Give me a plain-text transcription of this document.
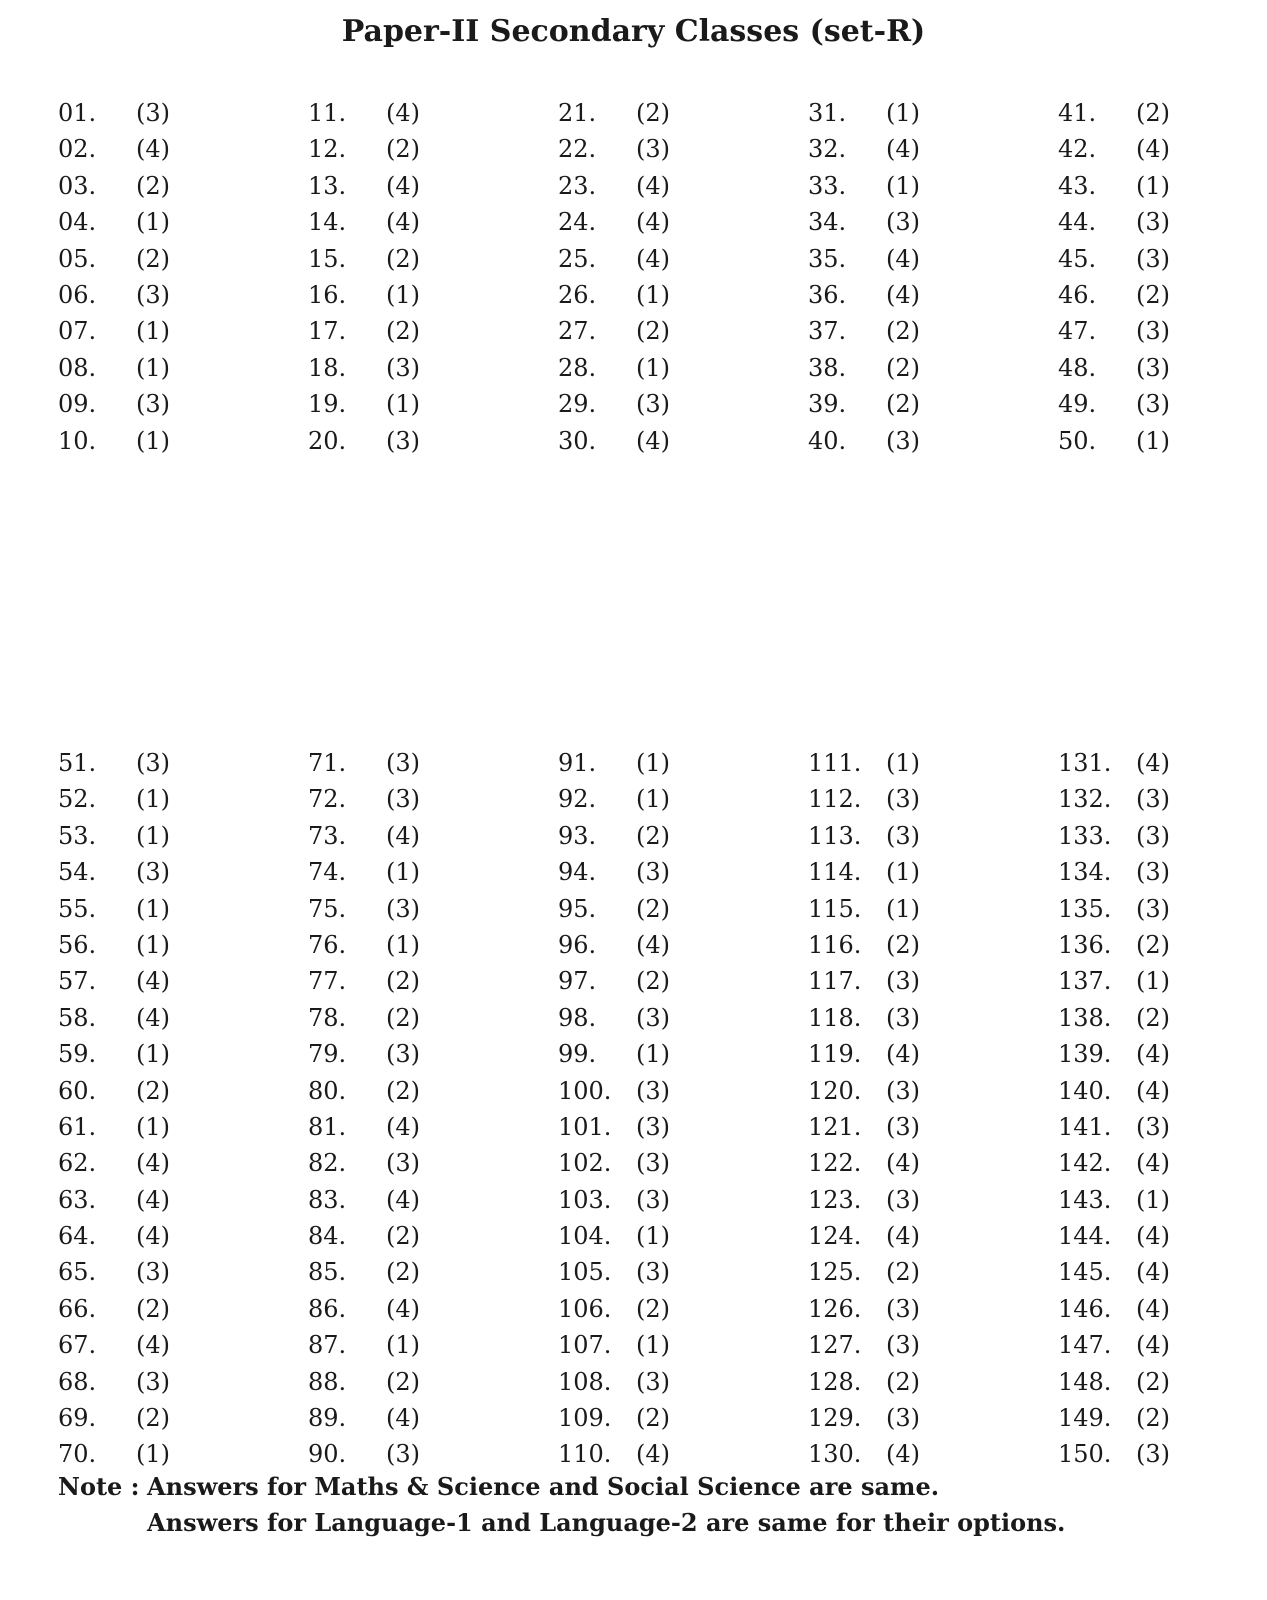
Paper-II Secondary Classes (set-R)
01. (3)
02. (4)
03. (2)
04. (1)
05. (2)
06. (3)
07. (1)
08. (1)
09. (3)
10. (1)
11. (4)
12. (2)
13. (4)
14. (4)
15. (2)
16. (1)
17. (2)
18. (3)
19. (1)
20. (3)
21. (2)
22. (3)
23. (4)
24. (4)
25. (4)
26. (1)
27. (2)
28. (1)
29. (3)
30. (4)
31. (1)
32. (4)
33. (1)
34. (3)
35. (4)
36. (4)
37. (2)
38. (2)
39. (2)
40. (3)
41. (2)
42. (4)
43. (1)
44. (3)
45. (3)
46. (2)
47. (3)
48. (3)
49. (3)
50. (1)
51. (3)
52. (1)
53. (1)
54. (3)
55. (1)
56. (1)
57. (4)
58. (4)
59. (1)
60. (2)
61. (1)
62. (4)
63. (4)
64. (4)
65. (3)
66. (2)
67. (4)
68. (3)
69. (2)
70. (1)
71. (3)
72. (3)
73. (4)
74. (1)
75. (3)
76. (1)
77. (2)
78. (2)
79. (3)
80. (2)
81. (4)
82. (3)
83. (4)
84. (2)
85. (2)
86. (4)
87. (1)
88. (2)
89. (4)
90. (3)
91. (1)
92. (1)
93. (2)
94. (3)
95. (2)
96. (4)
97. (2)
98. (3)
99. (1)
100. (3)
101. (3)
102. (3)
103. (3)
104. (1)
105. (3)
106. (2)
107. (1)
108. (3)
109. (2)
110. (4)
111. (1)
112. (3)
113. (3)
114. (1)
115. (1)
116. (2)
117. (3)
118. (3)
119. (4)
120. (3)
121. (3)
122. (4)
123. (3)
124. (4)
125. (2)
126. (3)
127. (3)
128. (2)
129. (3)
130. (4)
131. (4)
132. (3)
133. (3)
134. (3)
135. (3)
136. (2)
137. (1)
138. (2)
139. (4)
140. (4)
141. (3)
142. (4)
143. (1)
144. (4)
145. (4)
146. (4)
147. (4)
148. (2)
149. (2)
150. (3)
Note : Answers for Maths & Science and Social Science are same.
Answers for Language-1 and Language-2 are same for their options.
